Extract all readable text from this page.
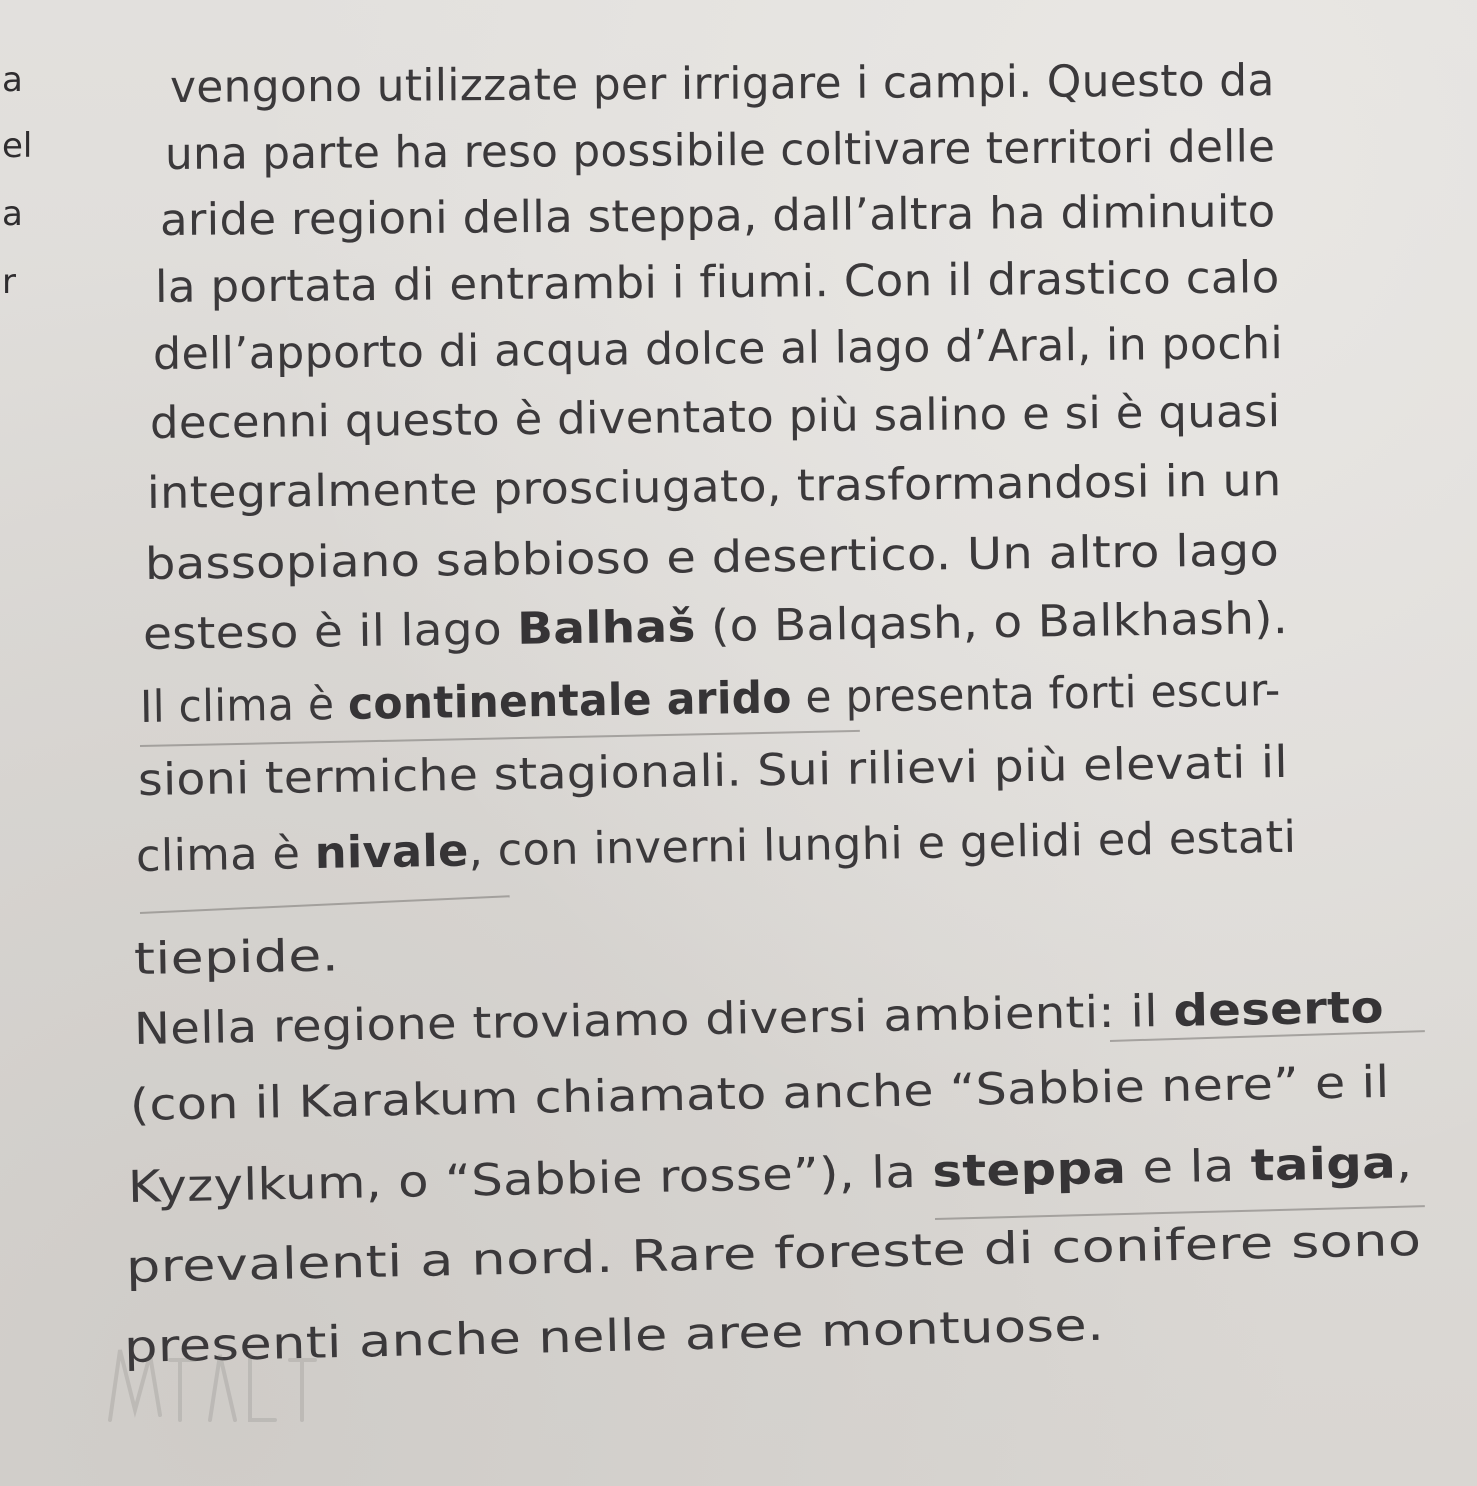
a
el
a
r
vengono utilizzate per irrigare i campi. Questo da
una parte ha reso possibile coltivare territori delle
aride regioni della steppa, dall’altra ha diminuito
la portata di entrambi i fiumi. Con il drastico calo
dell’apporto di acqua dolce al lago d’Aral, in pochi
decenni questo è diventato più salino e si è quasi
integralmente prosciugato, trasformandosi in un
bassopiano sabbioso e desertico. Un altro lago
esteso è il lago Balhaš (o Balqash, o Balkhash).
Il clima è continentale arido e presenta forti escur-
sioni termiche stagionali. Sui rilievi più elevati il
clima è nivale, con inverni lunghi e gelidi ed estati
tiepide.
Nella regione troviamo diversi ambienti: il deserto
(con il Karakum chiamato anche “Sabbie nere” e il
Kyzylkum, o “Sabbie rosse”), la steppa e la taiga,
prevalenti a nord. Rare foreste di conifere sono
presenti anche nelle aree montuose.
